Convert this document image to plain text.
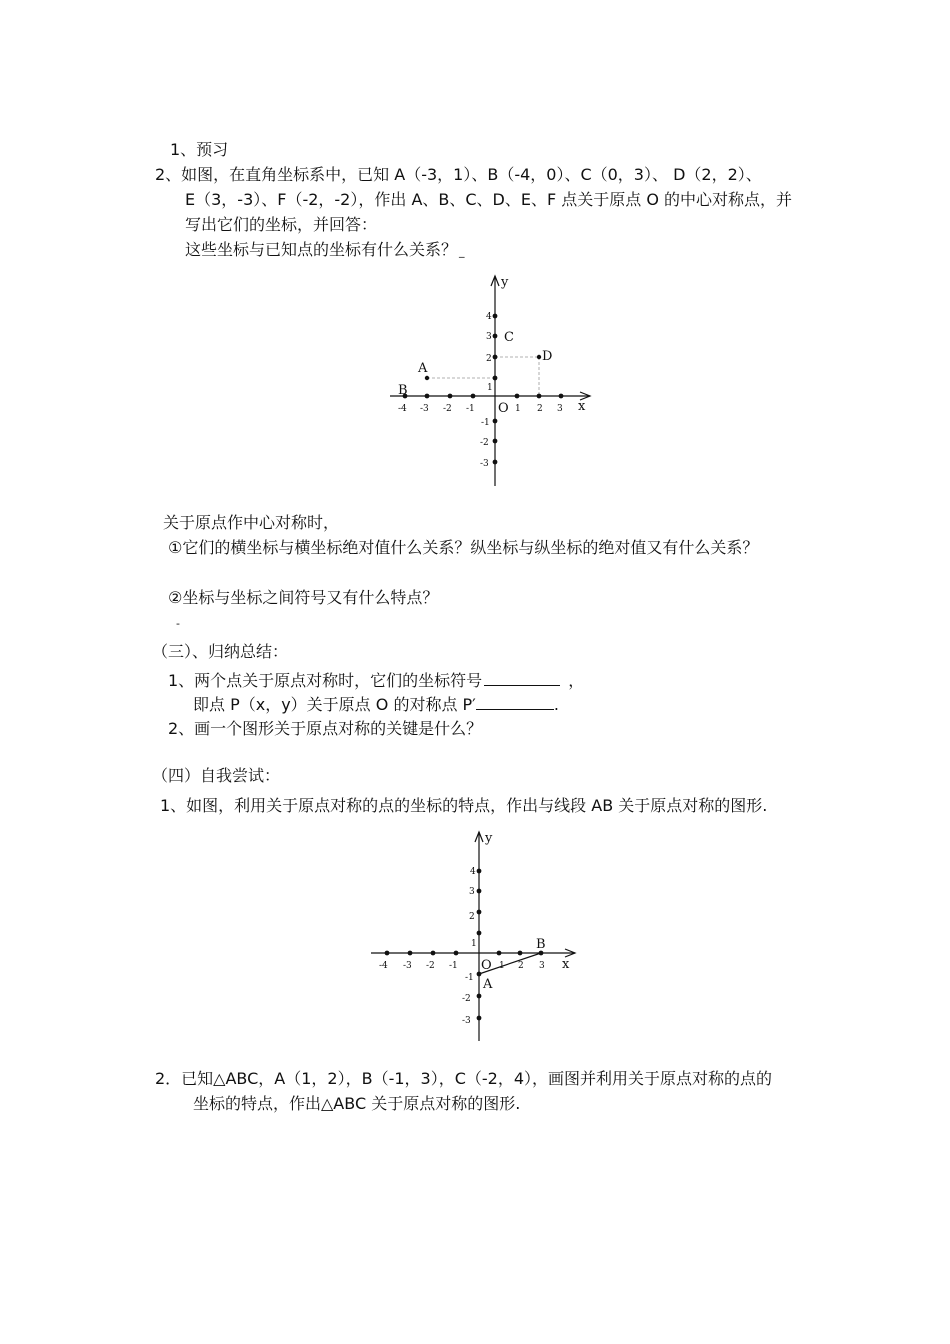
1、预习
2、如图，在直角坐标系中，已知 A（-3，1）、B（-4，0）、C（0，3）、 D（2，2）、
E（3，-3）、F（-2，-2），作出 A、B、C、D、E、F 点关于原点 O 的中心对称点，并
写出它们的坐标，并回答：
这些坐标与已知点的坐标有什么关系？ _
x
y
O
-4 -3 -2 -1	1 2 3
4
3
2
1
-1
-2
-3
A
B
C
D
关于原点作中心对称时，
①它们的横坐标与横坐标绝对值什么关系？纵坐标与纵坐标的绝对值又有什么关系？
②坐标与坐标之间符号又有什么特点？
-
（三）、归纳总结：
1、两个点关于原点对称时，它们的坐标符号	，
即点 P（x，y）关于原点 O 的对称点 P′	.
2、画一个图形关于原点对称的关键是什么？
（四）自我尝试：
1、如图，利用关于原点对称的点的坐标的特点，作出与线段 AB 关于原点对称的图形.
x
y
O
-4 -3 -2 -1	1 2 3
4
3
2
1
-1
-2
-3
A
B
2．已知△ABC，A（1，2），B（-1，3），C（-2，4），画图并利用关于原点对称的点的
坐标的特点，作出△ABC 关于原点对称的图形.
